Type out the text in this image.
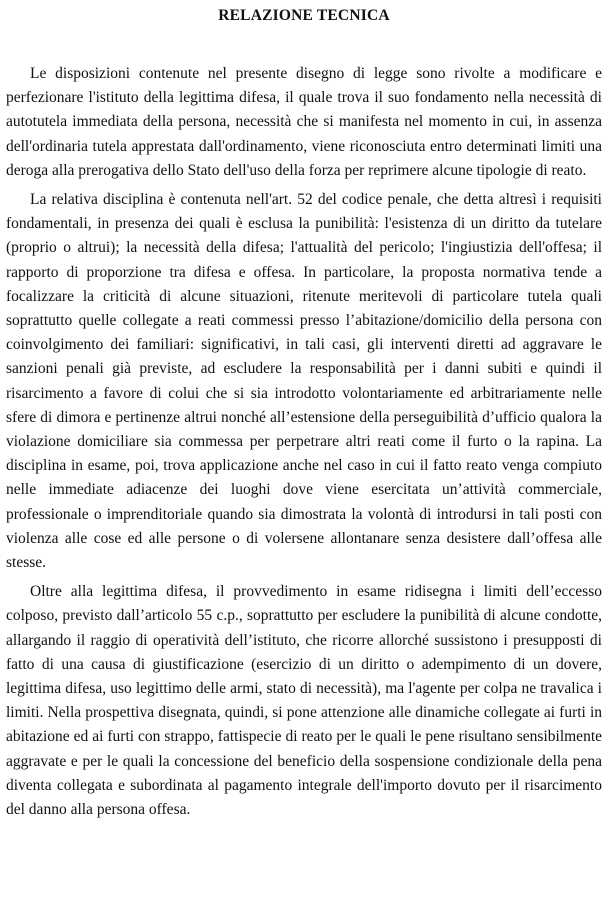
RELAZIONE TECNICA

Le disposizioni contenute nel presente disegno di legge sono rivolte a modificare e perfezionare l'istituto della legittima difesa, il quale trova il suo fondamento nella necessità di autotutela immediata della persona, necessità che si manifesta nel momento in cui, in assenza dell'ordinaria tutela apprestata dall'ordinamento, viene riconosciuta entro determinati limiti una deroga alla prerogativa dello Stato dell'uso della forza per reprimere alcune tipologie di reato.

La relativa disciplina è contenuta nell'art. 52 del codice penale, che detta altresì i requisiti fondamentali, in presenza dei quali è esclusa la punibilità: l'esistenza di un diritto da tutelare (proprio o altrui); la necessità della difesa; l'attualità del pericolo; l'ingiustizia dell'offesa; il rapporto di proporzione tra difesa e offesa. In particolare, la proposta normativa tende a focalizzare la criticità di alcune situazioni, ritenute meritevoli di particolare tutela quali soprattutto quelle collegate a reati commessi presso l’abitazione/domicilio della persona con coinvolgimento dei familiari: significativi, in tali casi, gli interventi diretti ad aggravare le sanzioni penali già previste, ad escludere la responsabilità per i danni subiti e quindi il risarcimento a favore di colui che si sia introdotto volontariamente ed arbitrariamente nelle sfere di dimora e pertinenze altrui nonché all’estensione della perseguibilità d’ufficio qualora la violazione domiciliare sia commessa per perpetrare altri reati come il furto o la rapina. La disciplina in esame, poi, trova applicazione anche nel caso in cui il fatto reato venga compiuto nelle immediate adiacenze dei luoghi dove viene esercitata un’attività commerciale, professionale o imprenditoriale quando sia dimostrata la volontà di introdursi in tali posti con violenza alle cose ed alle persone o di volersene allontanare senza desistere dall’offesa alle stesse.

Oltre alla legittima difesa, il provvedimento in esame ridisegna i limiti dell’eccesso colposo, previsto dall’articolo 55 c.p., soprattutto per escludere la punibilità di alcune condotte, allargando il raggio di operatività dell’istituto, che ricorre allorché sussistono i presupposti di fatto di una causa di giustificazione (esercizio di un diritto o adempimento di un dovere, legittima difesa, uso legittimo delle armi, stato di necessità), ma l'agente per colpa ne travalica i limiti. Nella prospettiva disegnata, quindi, si pone attenzione alle dinamiche collegate ai furti in abitazione ed ai furti con strappo, fattispecie di reato per le quali le pene risultano sensibilmente aggravate e per le quali la concessione del beneficio della sospensione condizionale della pena diventa collegata e subordinata al pagamento integrale dell'importo dovuto per il risarcimento del danno alla persona offesa.
